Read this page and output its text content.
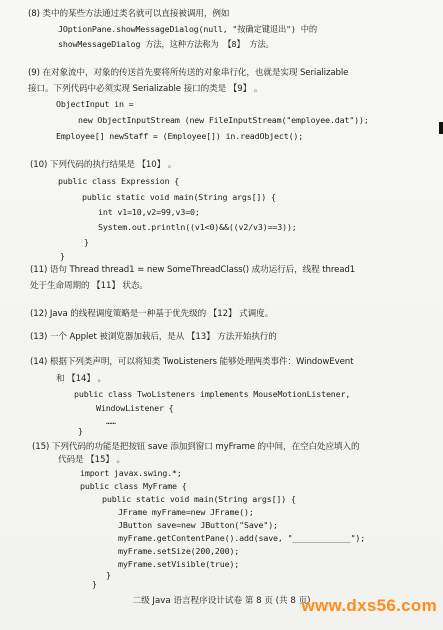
(8) 类中的某些方法通过类名就可以直接被调用，例如
JOptionPane.showMessageDialog(null, "按确定键退出") 中的
showMessageDialog 方法，这种方法称为 【8】 方法。
(9) 在对象流中，对象的传送首先要将所传送的对象串行化，也就是实现 Serializable
接口。下列代码中必须实现 Serializable 接口的类是 【9】 。
ObjectInput in =
new ObjectInputStream (new FileInputStream("employee.dat"));
Employee[] newStaff = (Employee[]) in.readObject();
(10) 下列代码的执行结果是 【10】 。
public class Expression {
public static void main(String args[]) {
int v1=10,v2=99,v3=0;
System.out.println((v1<0)&&((v2/v3)==3));
}
}
(11) 语句 Thread thread1 = new SomeThreadClass() 成功运行后，线程 thread1
处于生命周期的 【11】 状态。
(12) Java 的线程调度策略是一种基于优先级的 【12】 式调度。
(13) 一个 Applet 被浏览器加载后，是从 【13】 方法开始执行的
(14) 根据下列类声明，可以将知类 TwoListeners 能够处理两类事件：WindowEvent
和 【14】 。
public class TwoListeners implements MouseMotionListener,
WindowListener {
……
}
(15) 下列代码的功能是把按钮 save 添加到窗口 myFrame 的中间，在空白处应填入的
代码是 【15】 。
import javax.swing.*;
public class MyFrame {
public static void main(String args[]) {
JFrame myFrame=new JFrame();
JButton save=new JButton("Save");
myFrame.getContentPane().add(save, "____________");
myFrame.setSize(200,200);
myFrame.setVisible(true);
}
}
二级 Java 语言程序设计试卷 第 8 页 (共 8 页)
www.dxs56.com
